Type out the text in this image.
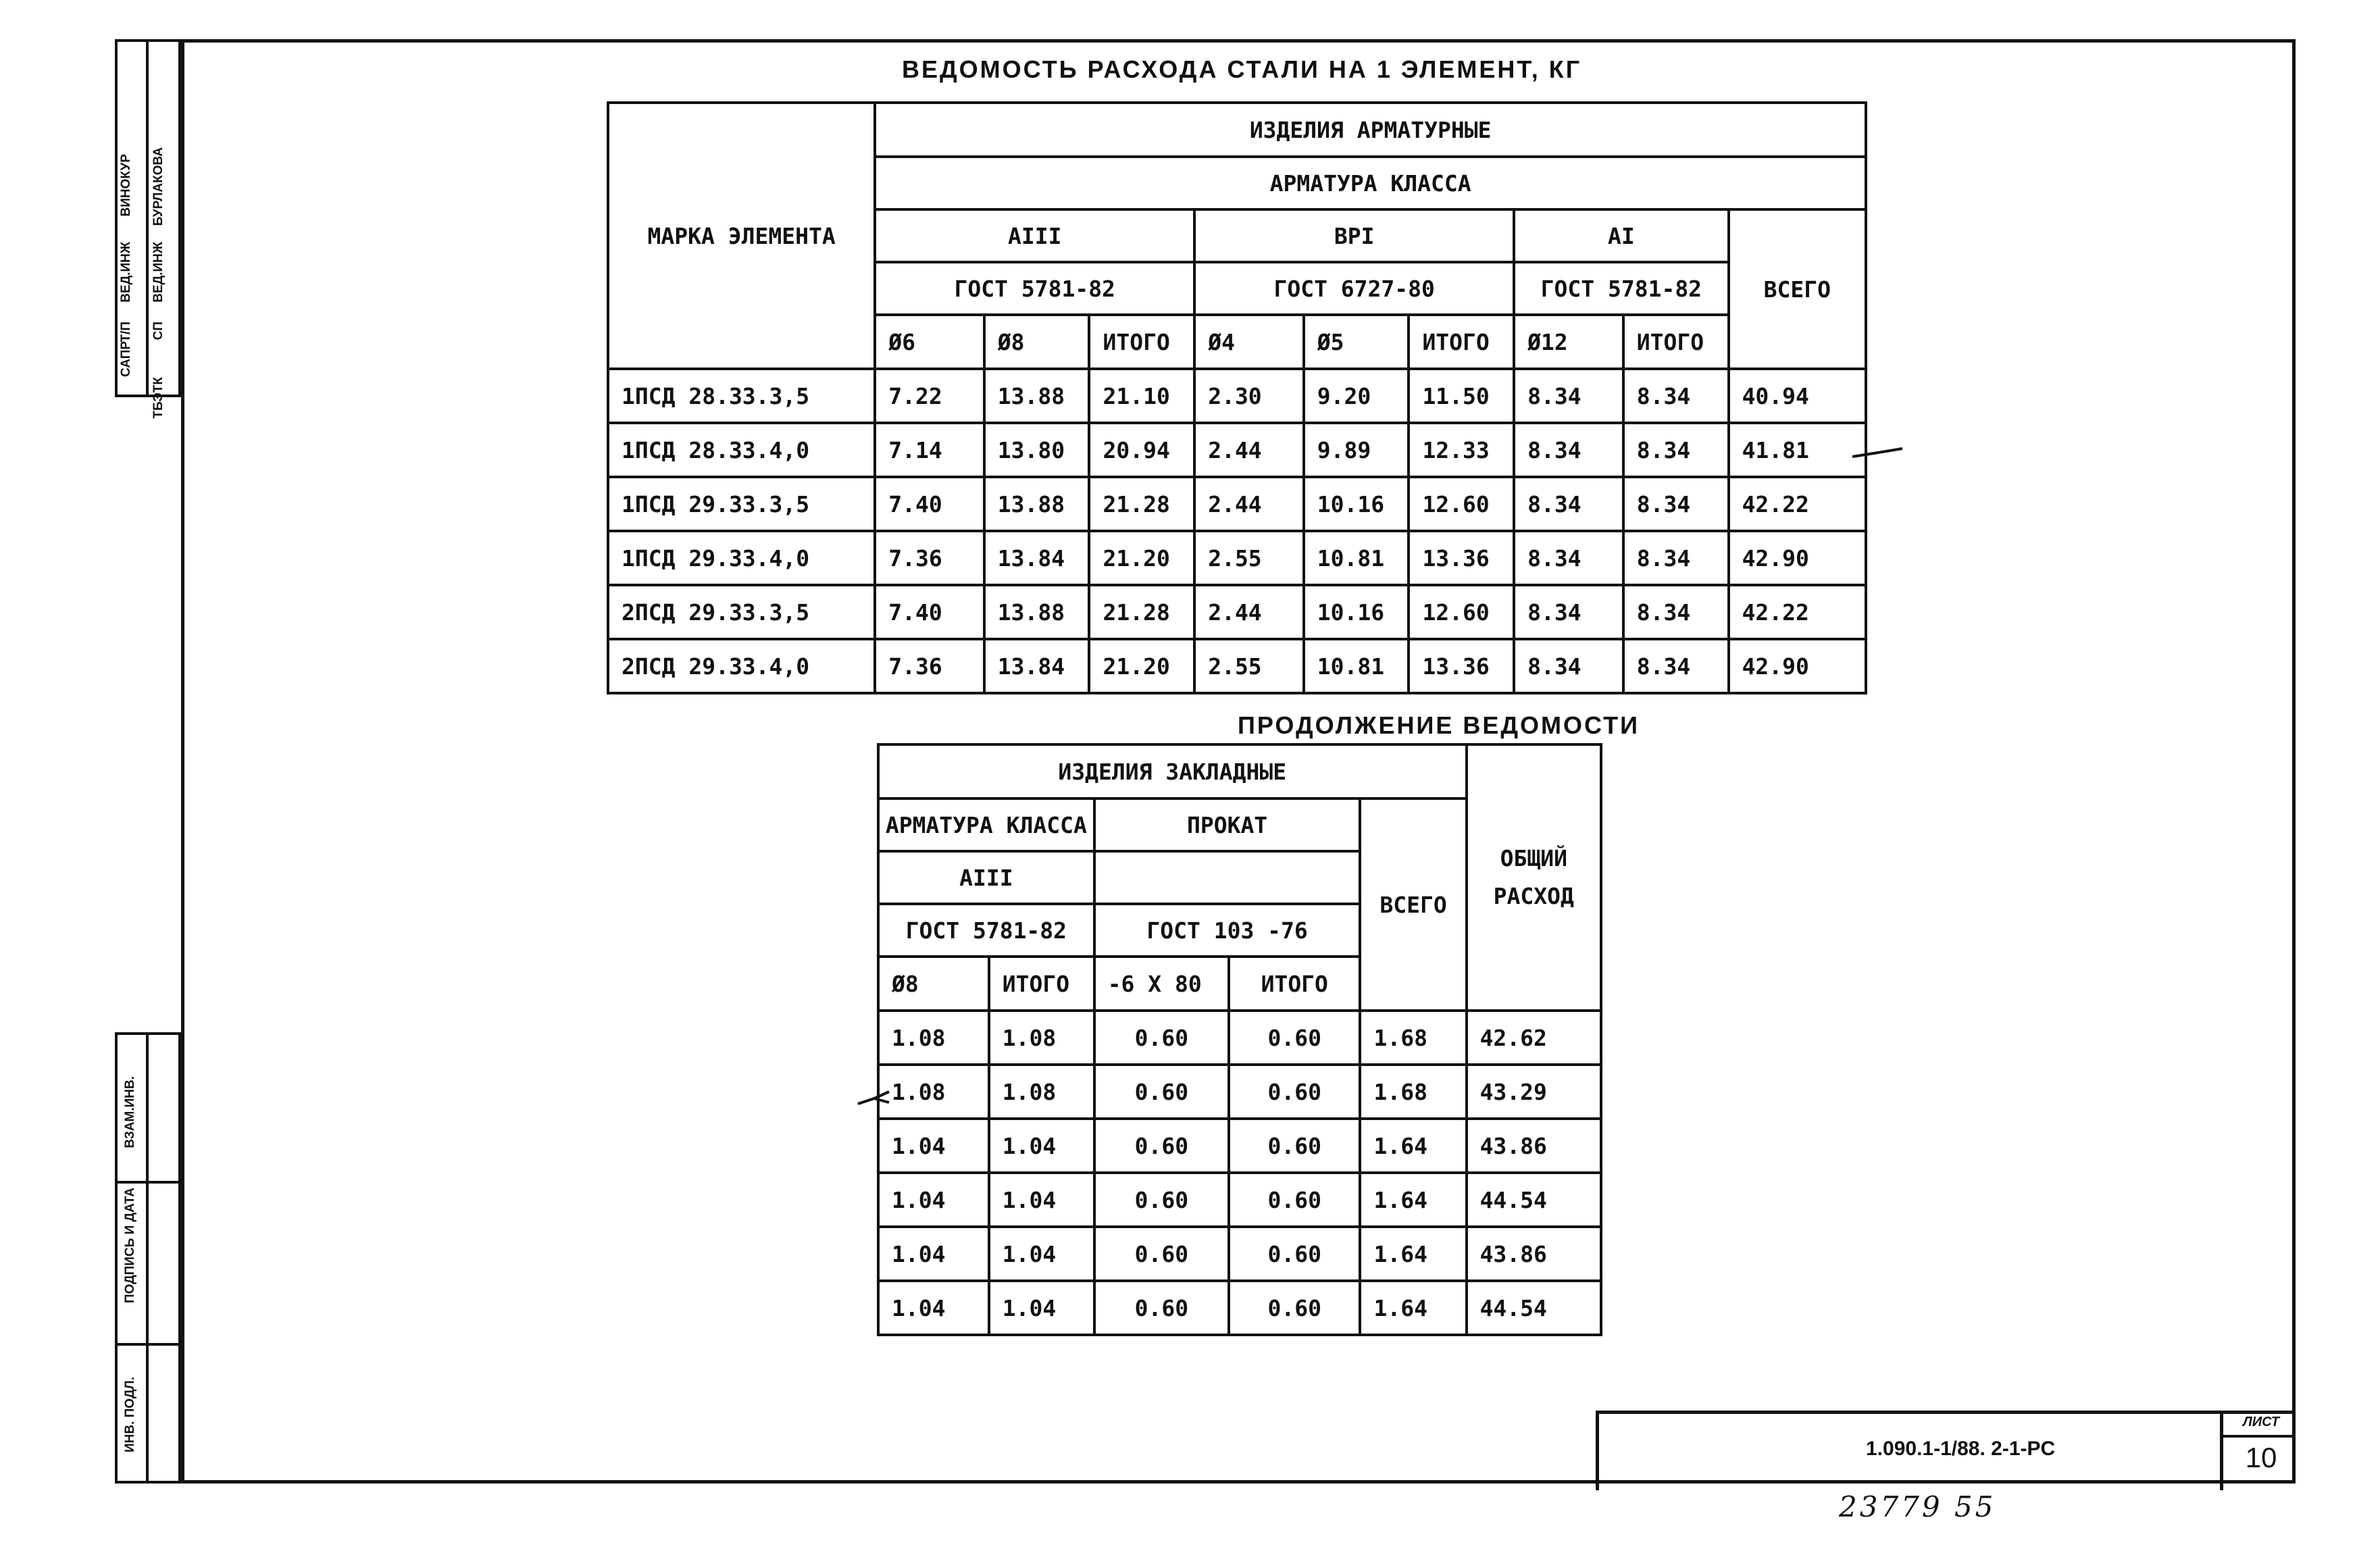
САПР
Т/П
ВЕД.ИНЖ
ВИНОКУР
ТБЭТК
СП
ВЕД.ИНЖ
БУРЛАКОВА
ВЗАМ.ИНВ.
ПОДПИСЬ И ДАТА
ИНВ. ПОДЛ.
ВЕДОМОСТЬ РАСХОДА СТАЛИ НА 1 ЭЛЕМЕНТ, КГ
МАРКА ЭЛЕМЕНТА	ИЗДЕЛИЯ АРМАТУРНЫЕ								
	АРМАТУРА КЛАССА								
	AIII			BPI			AI		ВСЕГО
	ГОСТ 5781-82			ГОСТ 6727-80			ГОСТ 5781-82		
	Ø6	Ø8	ИТОГО	Ø4	Ø5	ИТОГО	Ø12	ИТОГО	
1ПСД 28.33.3,5	7.22	13.88	21.10	2.30	9.20	11.50	8.34	8.34	40.94
1ПСД 28.33.4,0	7.14	13.80	20.94	2.44	9.89	12.33	8.34	8.34	41.81
1ПСД 29.33.3,5	7.40	13.88	21.28	2.44	10.16	12.60	8.34	8.34	42.22
1ПСД 29.33.4,0	7.36	13.84	21.20	2.55	10.81	13.36	8.34	8.34	42.90
2ПСД 29.33.3,5	7.40	13.88	21.28	2.44	10.16	12.60	8.34	8.34	42.22
2ПСД 29.33.4,0	7.36	13.84	21.20	2.55	10.81	13.36	8.34	8.34	42.90
ПРОДОЛЖЕНИЕ ВЕДОМОСТИ
ИЗДЕЛИЯ ЗАКЛАДНЫЕ					ОБЩИЙ РАСХОД
АРМАТУРА КЛАССА		ПРОКАТ		ВСЕГО	
AIII					
ГОСТ 5781-82		ГОСТ 103 -76			
Ø8	ИТОГО	-6 X 80	ИТОГО		
1.08	1.08	0.60	0.60	1.68	42.62
1.08	1.08	0.60	0.60	1.68	43.29
1.04	1.04	0.60	0.60	1.64	43.86
1.04	1.04	0.60	0.60	1.64	44.54
1.04	1.04	0.60	0.60	1.64	43.86
1.04	1.04	0.60	0.60	1.64	44.54
1.090.1-1/88. 2-1-PC
ЛИСТ
10
23779 55
